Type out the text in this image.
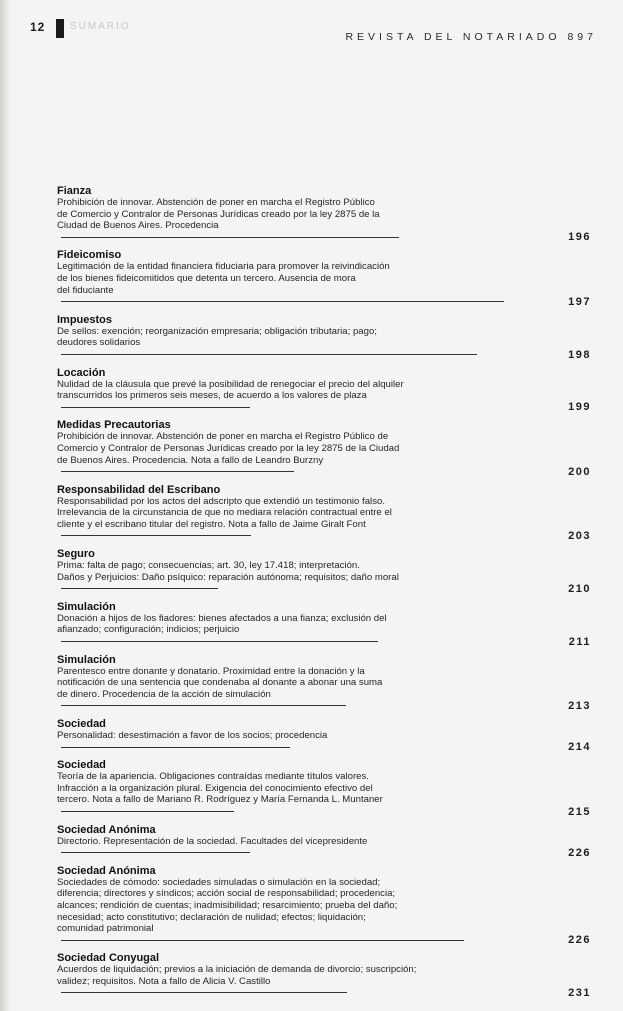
12 SUMARIO
REVISTA DEL NOTARIADO 897
Fianza
Prohibición de innovar. Abstención de poner en marcha el Registro Público
de Comercio y Contralor de Personas Jurídicas creado por la ley 2875 de la
Ciudad de Buenos Aires. Procedencia
196
Fideicomiso
Legitimación de la entidad financiera fiduciaria para promover la reivindicación
de los bienes fideicomitidos que detenta un tercero. Ausencia de mora
del fiduciante
197
Impuestos
De sellos: exención; reorganización empresaria; obligación tributaria; pago;
deudores solidarios
198
Locación
Nulidad de la cláusula que prevé la posibilidad de renegociar el precio del alquiler
transcurridos los primeros seis meses, de acuerdo a los valores de plaza
199
Medidas Precautorias
Prohibición de innovar. Abstención de poner en marcha el Registro Público de
Comercio y Contralor de Personas Jurídicas creado por la ley 2875 de la Ciudad
de Buenos Aires. Procedencia. Nota a fallo de Leandro Burzny
200
Responsabilidad del Escribano
Responsabilidad por los actos del adscripto que extendió un testimonio falso.
Irrelevancia de la circunstancia de que no mediara relación contractual entre el
cliente y el escribano titular del registro. Nota a fallo de Jaime Giralt Font
203
Seguro
Prima: falta de pago; consecuencias; art. 30, ley 17.418; interpretación.
Daños y Perjuicios: Daño psíquico: reparación autónoma; requisitos; daño moral
210
Simulación
Donación a hijos de los fiadores: bienes afectados a una fianza; exclusión del
afianzado; configuración; indicios; perjuicio
211
Simulación
Parentesco entre donante y donatario. Proximidad entre la donación y la
notificación de una sentencia que condenaba al donante a abonar una suma
de dinero. Procedencia de la acción de simulación
213
Sociedad
Personalidad: desestimación a favor de los socios; procedencia
214
Sociedad
Teoría de la apariencia. Obligaciones contraídas mediante títulos valores.
Infracción a la organización plural. Exigencia del conocimiento efectivo del
tercero. Nota a fallo de Mariano R. Rodríguez y María Fernanda L. Muntaner
215
Sociedad Anónima
Directorio. Representación de la sociedad. Facultades del vicepresidente
226
Sociedad Anónima
Sociedades de cómodo: sociedades simuladas o simulación en la sociedad;
diferencia; directores y síndicos; acción social de responsabilidad; procedencia;
alcances; rendición de cuentas; inadmisibilidad; resarcimiento; prueba del daño;
necesidad; acto constitutivo; declaración de nulidad; efectos; liquidación;
comunidad patrimonial
226
Sociedad Conyugal
Acuerdos de liquidación; previos a la iniciación de demanda de divorcio; suscripción;
validez; requisitos. Nota a fallo de Alicia V. Castillo
231
